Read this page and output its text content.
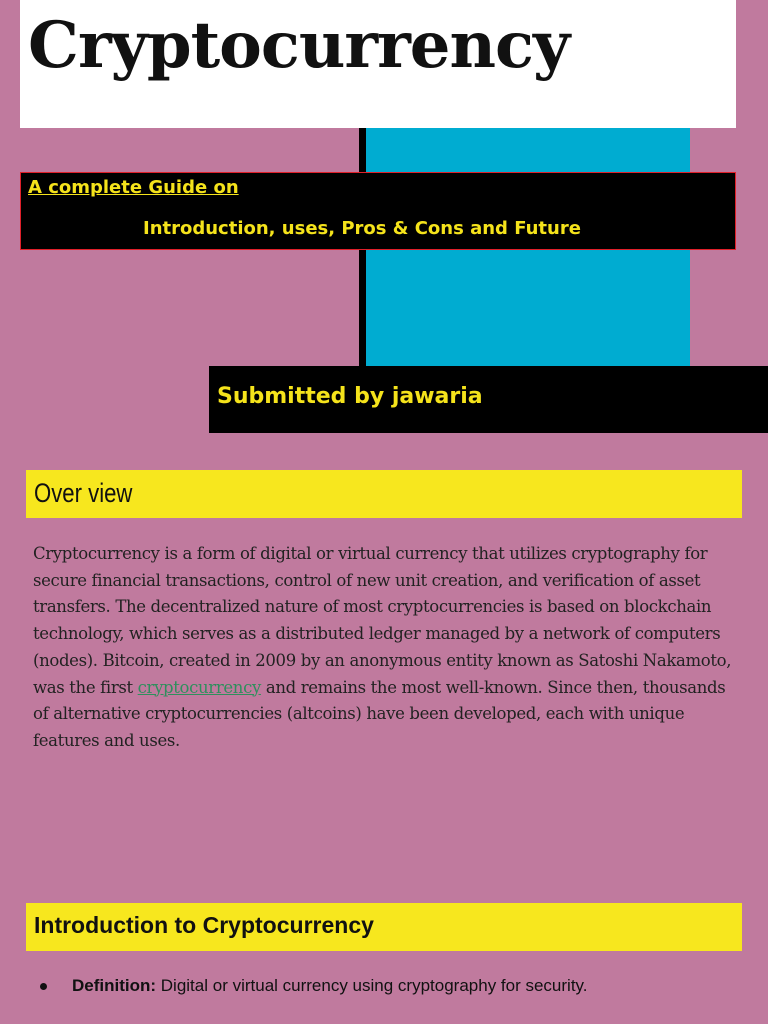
Cryptocurrency
A complete Guide on
Introduction, uses, Pros & Cons and Future
Submitted by jawaria
Over view

Cryptocurrency is a form of digital or virtual currency that utilizes cryptography for secure financial transactions, control of new unit creation, and verification of asset transfers. The decentralized nature of most cryptocurrencies is based on blockchain technology, which serves as a distributed ledger managed by a network of computers (nodes). Bitcoin, created in 2009 by an anonymous entity known as Satoshi Nakamoto, was the first cryptocurrency and remains the most well-known. Since then, thousands of alternative cryptocurrencies (altcoins) have been developed, each with unique features and uses.

Introduction to Cryptocurrency
Definition: Digital or virtual currency using cryptography for security.
